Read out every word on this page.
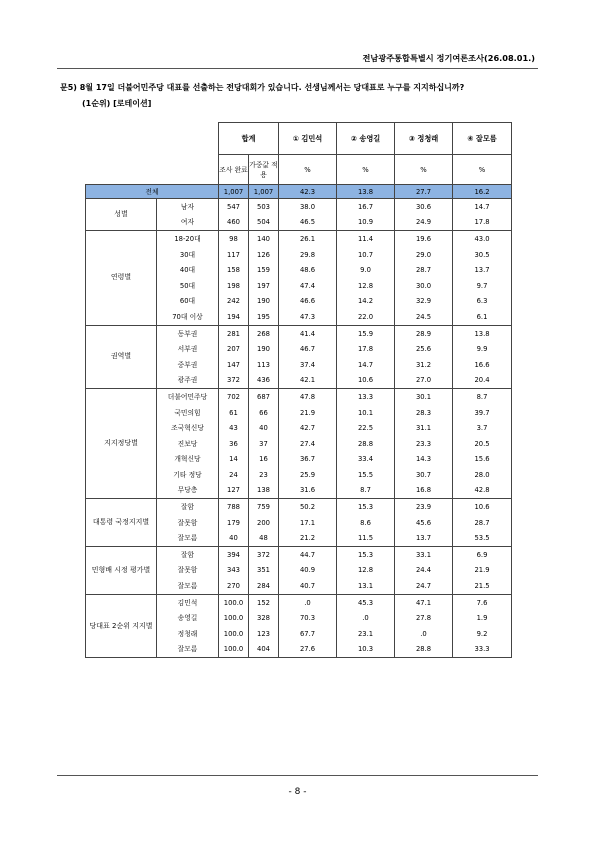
전남광주통합특별시 정기여론조사(26.08.01.)
문5) 8월 17일 더불어민주당 대표를 선출하는 전당대회가 있습니다. 선생님께서는 당대표로 누구를 지지하십니까?
(1순위) [로테이션]
		합계		① 김민석	② 송영길	③ 정청래	④ 잘모름
		조사 완료	가중값 적용	%	%	%	%
전체		1,007	1,007	42.3	13.8	27.7	16.2
성별	남자	547	503	38.0	16.7	30.6	14.7
	여자	460	504	46.5	10.9	24.9	17.8
연령별	18-20대	98	140	26.1	11.4	19.6	43.0
	30대	117	126	29.8	10.7	29.0	30.5
	40대	158	159	48.6	9.0	28.7	13.7
	50대	198	197	47.4	12.8	30.0	9.7
	60대	242	190	46.6	14.2	32.9	6.3
	70대 이상	194	195	47.3	22.0	24.5	6.1
권역별	동부권	281	268	41.4	15.9	28.9	13.8
	서부권	207	190	46.7	17.8	25.6	9.9
	중부권	147	113	37.4	14.7	31.2	16.6
	광주권	372	436	42.1	10.6	27.0	20.4
지지정당별	더불어민주당	702	687	47.8	13.3	30.1	8.7
	국민의힘	61	66	21.9	10.1	28.3	39.7
	조국혁신당	43	40	42.7	22.5	31.1	3.7
	진보당	36	37	27.4	28.8	23.3	20.5
	개혁신당	14	16	36.7	33.4	14.3	15.6
	기타 정당	24	23	25.9	15.5	30.7	28.0
	무당층	127	138	31.6	8.7	16.8	42.8
대통령 국정지지별	잘함	788	759	50.2	15.3	23.9	10.6
	잘못함	179	200	17.1	8.6	45.6	28.7
	잘모름	40	48	21.2	11.5	13.7	53.5
민형배 시정 평가별	잘함	394	372	44.7	15.3	33.1	6.9
	잘못함	343	351	40.9	12.8	24.4	21.9
	잘모름	270	284	40.7	13.1	24.7	21.5
당대표 2순위 지지별	김민석	100.0	152	.0	45.3	47.1	7.6
	송영길	100.0	328	70.3	.0	27.8	1.9
	정청래	100.0	123	67.7	23.1	.0	9.2
	잘모름	100.0	404	27.6	10.3	28.8	33.3
- 8 -
